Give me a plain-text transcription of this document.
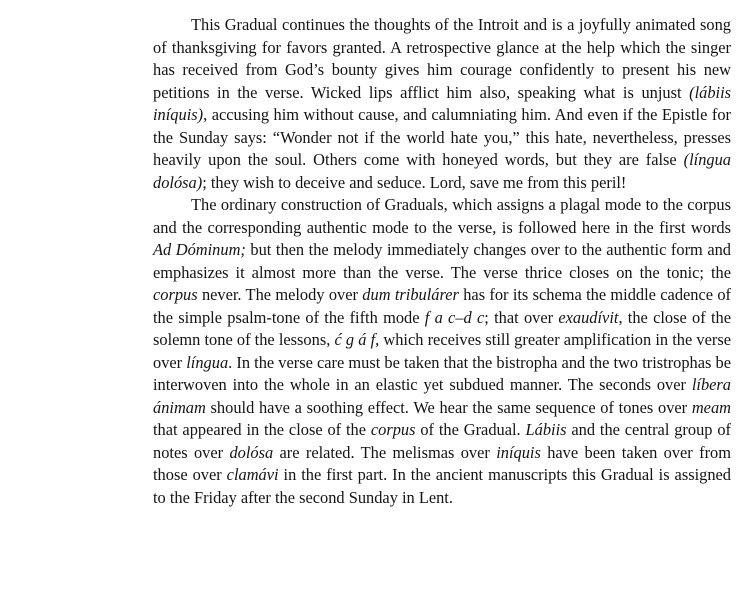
This Gradual continues the thoughts of the Introit and is a joyfully animated song of thanksgiving for favors granted. A retrospective glance at the help which the singer has received from God’s bounty gives him courage confidently to present his new petitions in the verse. Wicked lips afflict him also, speaking what is unjust (lábiis iníquis), accusing him without cause, and calumniating him. And even if the Epistle for the Sunday says: “Wonder not if the world hate you,” this hate, nevertheless, presses heavily upon the soul. Others come with honeyed words, but they are false (língua dolósa); they wish to deceive and seduce. Lord, save me from this peril!

The ordinary construction of Graduals, which assigns a plagal mode to the corpus and the corresponding authentic mode to the verse, is followed here in the first words Ad Dóminum; but then the melody immediately changes over to the authentic form and emphasizes it almost more than the verse. The verse thrice closes on the tonic; the corpus never. The melody over dum tribulárer has for its schema the middle cadence of the simple psalm-tone of the fifth mode f a c–d c; that over exaudívit, the close of the solemn tone of the lessons, ć g á f, which receives still greater amplification in the verse over língua. In the verse care must be taken that the bistropha and the two tristrophas be interwoven into the whole in an elastic yet subdued manner. The seconds over líbera ánimam should have a soothing effect. We hear the same sequence of tones over meam that appeared in the close of the corpus of the Gradual. Lábiis and the central group of notes over dolósa are related. The melismas over iníquis have been taken over from those over clamávi in the first part. In the ancient manuscripts this Gradual is assigned to the Friday after the second Sunday in Lent.
